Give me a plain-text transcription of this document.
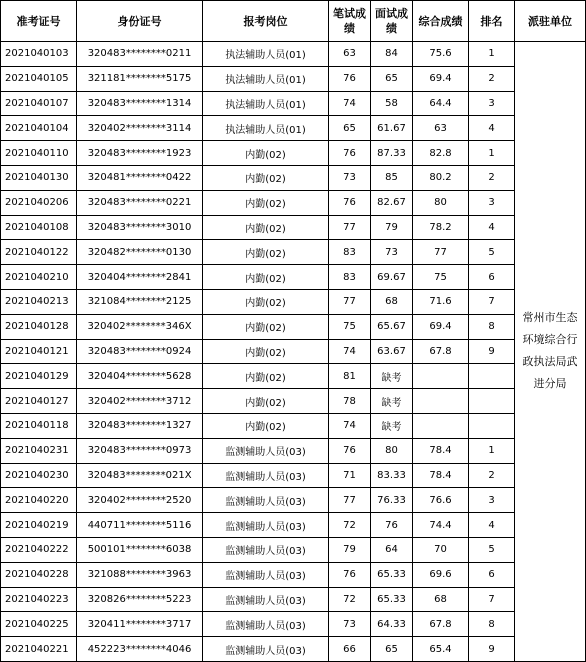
准考证号	身份证号	报考岗位	笔试成绩	面试成绩	综合成绩	排名	派驻单位
2021040103	320483********0211	执法辅助人员(01)	63	84	75.6	1	常州市生态环境综合行政执法局武进分局
2021040105	321181********5175	执法辅助人员(01)	76	65	69.4	2	
2021040107	320483********1314	执法辅助人员(01)	74	58	64.4	3	
2021040104	320402********3114	执法辅助人员(01)	65	61.67	63	4	
2021040110	320483********1923	内勤(02)	76	87.33	82.8	1	
2021040130	320481********0422	内勤(02)	73	85	80.2	2	
2021040206	320483********0221	内勤(02)	76	82.67	80	3	
2021040108	320483********3010	内勤(02)	77	79	78.2	4	
2021040122	320482********0130	内勤(02)	83	73	77	5	
2021040210	320404********2841	内勤(02)	83	69.67	75	6	
2021040213	321084********2125	内勤(02)	77	68	71.6	7	
2021040128	320402********346X	内勤(02)	75	65.67	69.4	8	
2021040121	320483********0924	内勤(02)	74	63.67	67.8	9	
2021040129	320404********5628	内勤(02)	81	缺考			
2021040127	320402********3712	内勤(02)	78	缺考			
2021040118	320483********1327	内勤(02)	74	缺考			
2021040231	320483********0973	监测辅助人员(03)	76	80	78.4	1	
2021040230	320483********021X	监测辅助人员(03)	71	83.33	78.4	2	
2021040220	320402********2520	监测辅助人员(03)	77	76.33	76.6	3	
2021040219	440711********5116	监测辅助人员(03)	72	76	74.4	4	
2021040222	500101********6038	监测辅助人员(03)	79	64	70	5	
2021040228	321088********3963	监测辅助人员(03)	76	65.33	69.6	6	
2021040223	320826********5223	监测辅助人员(03)	72	65.33	68	7	
2021040225	320411********3717	监测辅助人员(03)	73	64.33	67.8	8	
2021040221	452223********4046	监测辅助人员(03)	66	65	65.4	9	
